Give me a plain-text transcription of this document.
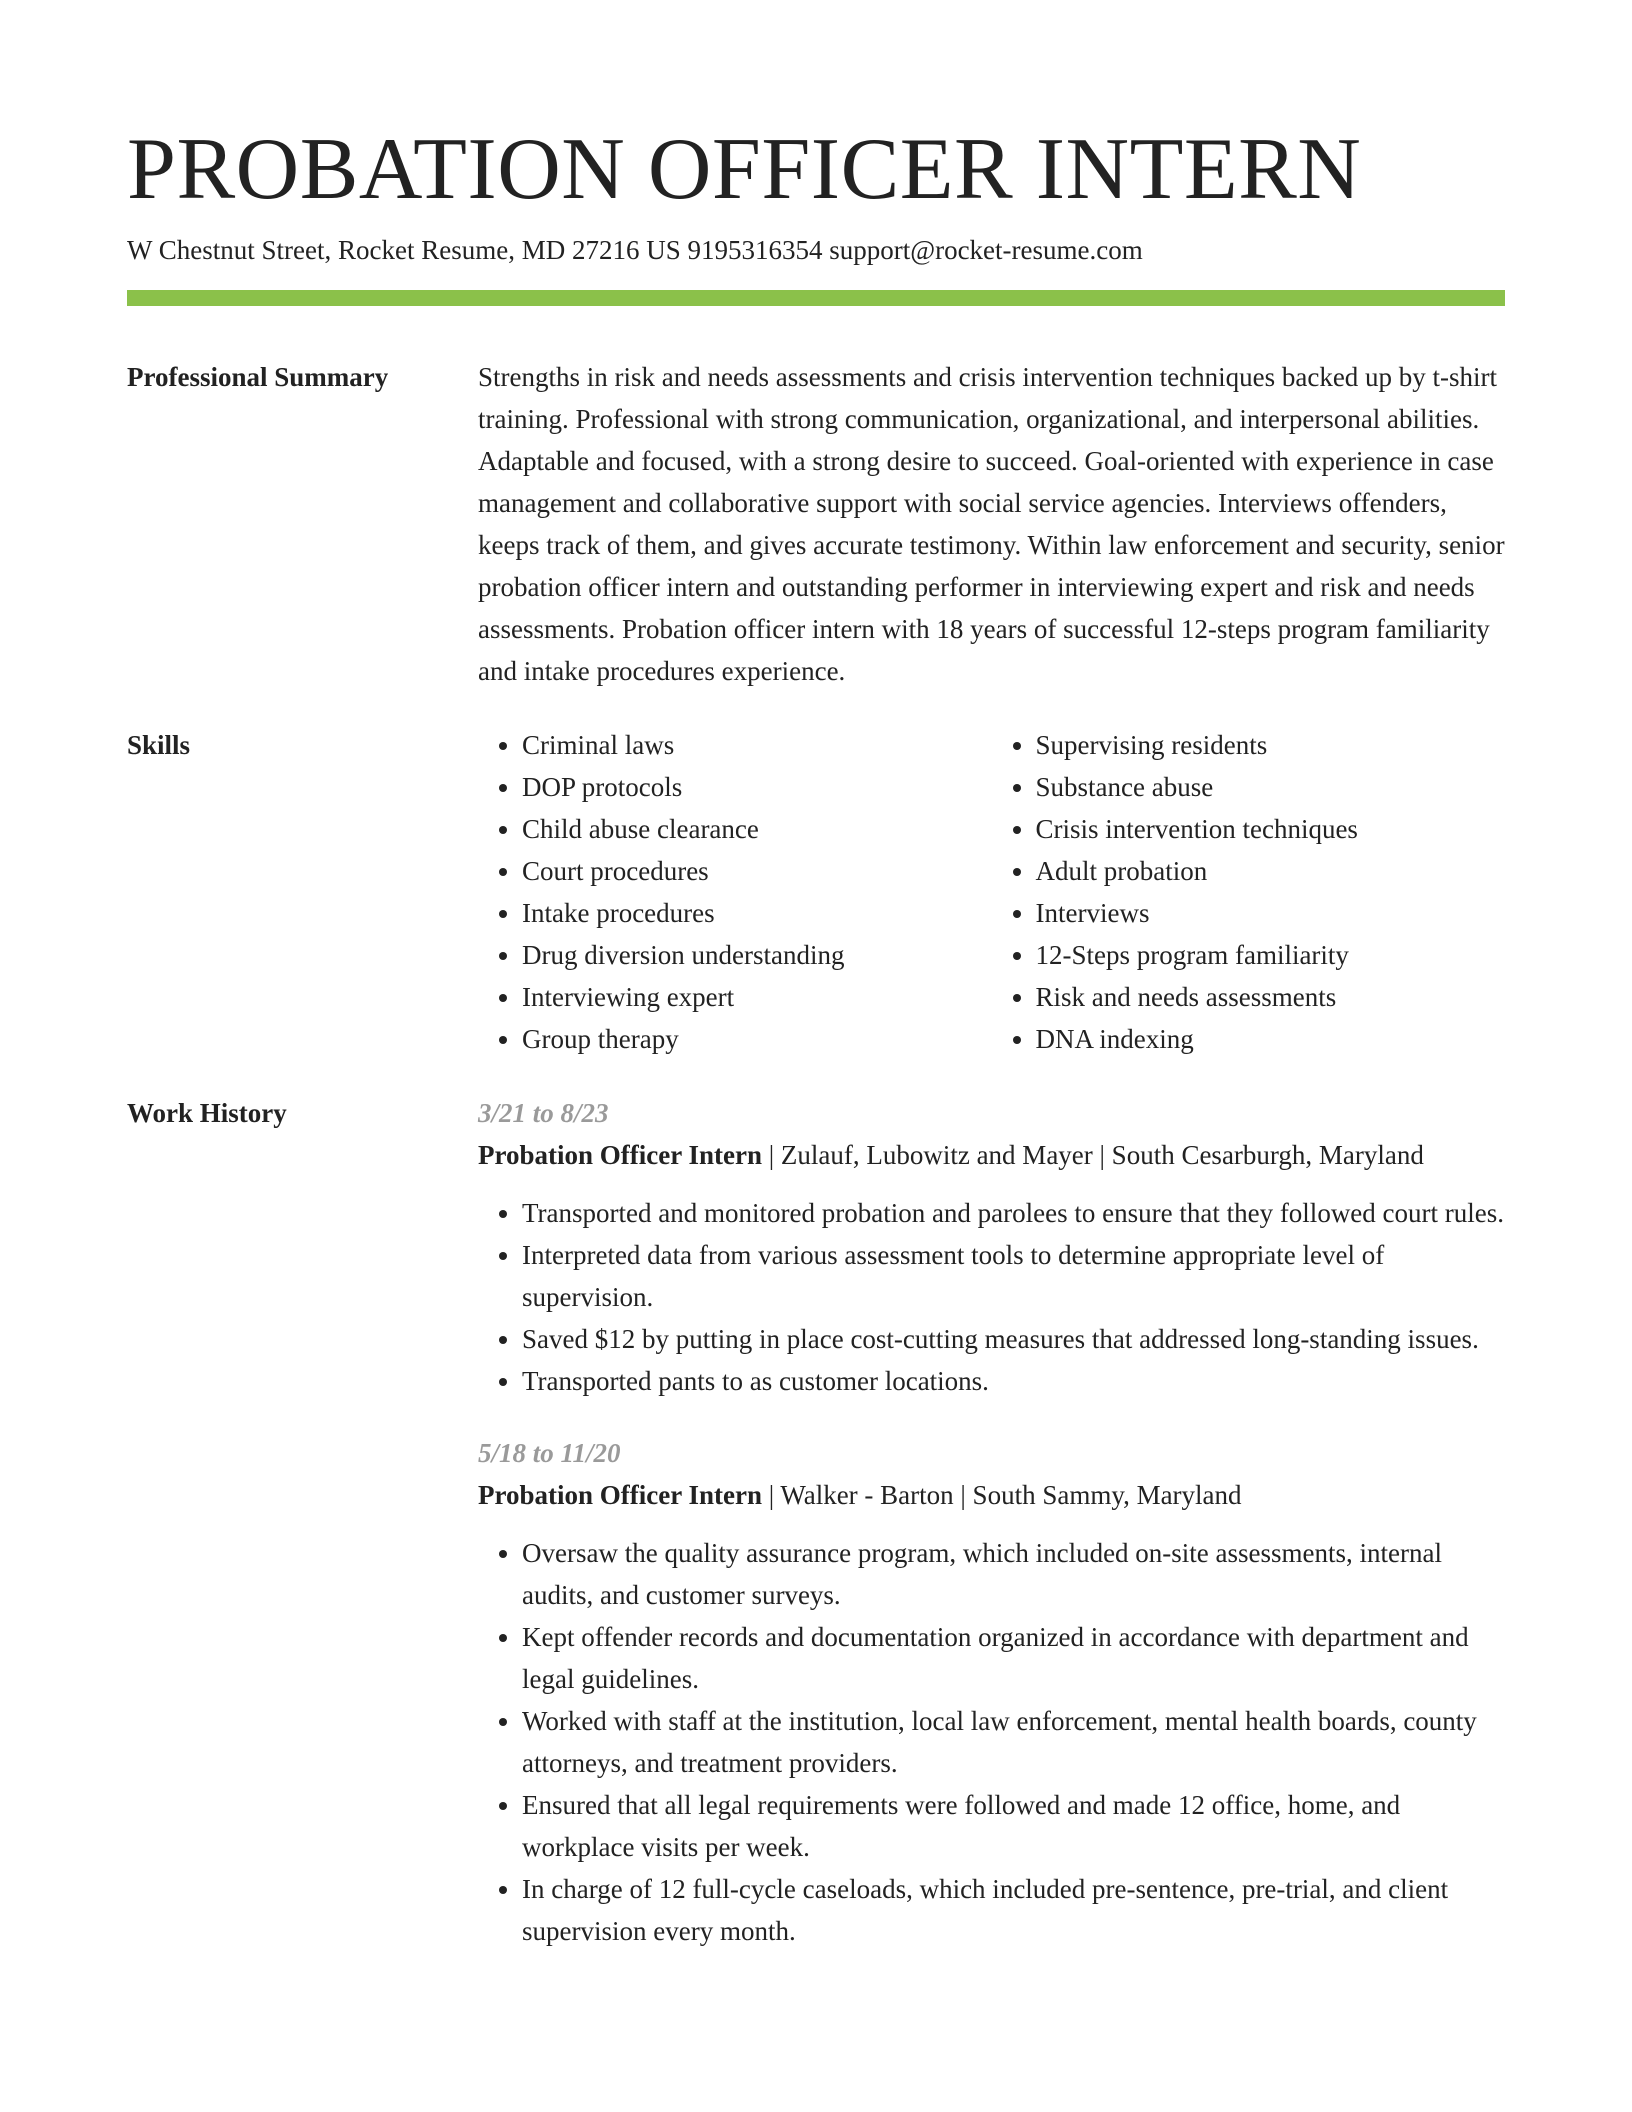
PROBATION OFFICER INTERN
W Chestnut Street, Rocket Resume, MD 27216 US 9195316354 support@rocket-resume.com
Professional Summary	Strengths in risk and needs assessments and crisis intervention techniques backed up by t-shirt training. Professional with strong communication, organizational, and interpersonal abilities. Adaptable and focused, with a strong desire to succeed. Goal-oriented with experience in case management and collaborative support with social service agencies. Interviews offenders, keeps track of them, and gives accurate testimony. Within law enforcement and security, senior probation officer intern and outstanding performer in interviewing expert and risk and needs assessments. Probation officer intern with 18 years of successful 12-steps program familiarity and intake procedures experience.

Skills
•	Criminal laws
• DOP protocols
• Child abuse clearance
• Court procedures
• Intake procedures
• Drug diversion understanding
• Interviewing expert
• Group therapy
• Supervising residents
• Substance abuse
• Crisis intervention techniques
• Adult probation
• Interviews
• 12-Steps program familiarity
• Risk and needs assessments
• DNA indexing
Work History	3/21 to 8/23
Probation Officer Intern | Zulauf, Lubowitz and Mayer | South Cesarburgh, Maryland
• Transported and monitored probation and parolees to ensure that they followed court rules.
• Interpreted data from various assessment tools to determine appropriate level of supervision.
• Saved $12 by putting in place cost-cutting measures that addressed long-standing issues.
• Transported pants to as customer locations.
5/18 to 11/20
Probation Officer Intern | Walker - Barton | South Sammy, Maryland
• Oversaw the quality assurance program, which included on-site assessments, internal audits, and customer surveys.
• Kept offender records and documentation organized in accordance with department and legal guidelines.
• Worked with staff at the institution, local law enforcement, mental health boards, county attorneys, and treatment providers.
• Ensured that all legal requirements were followed and made 12 office, home, and workplace visits per week.
• In charge of 12 full-cycle caseloads, which included pre-sentence, pre-trial, and client supervision every month.
